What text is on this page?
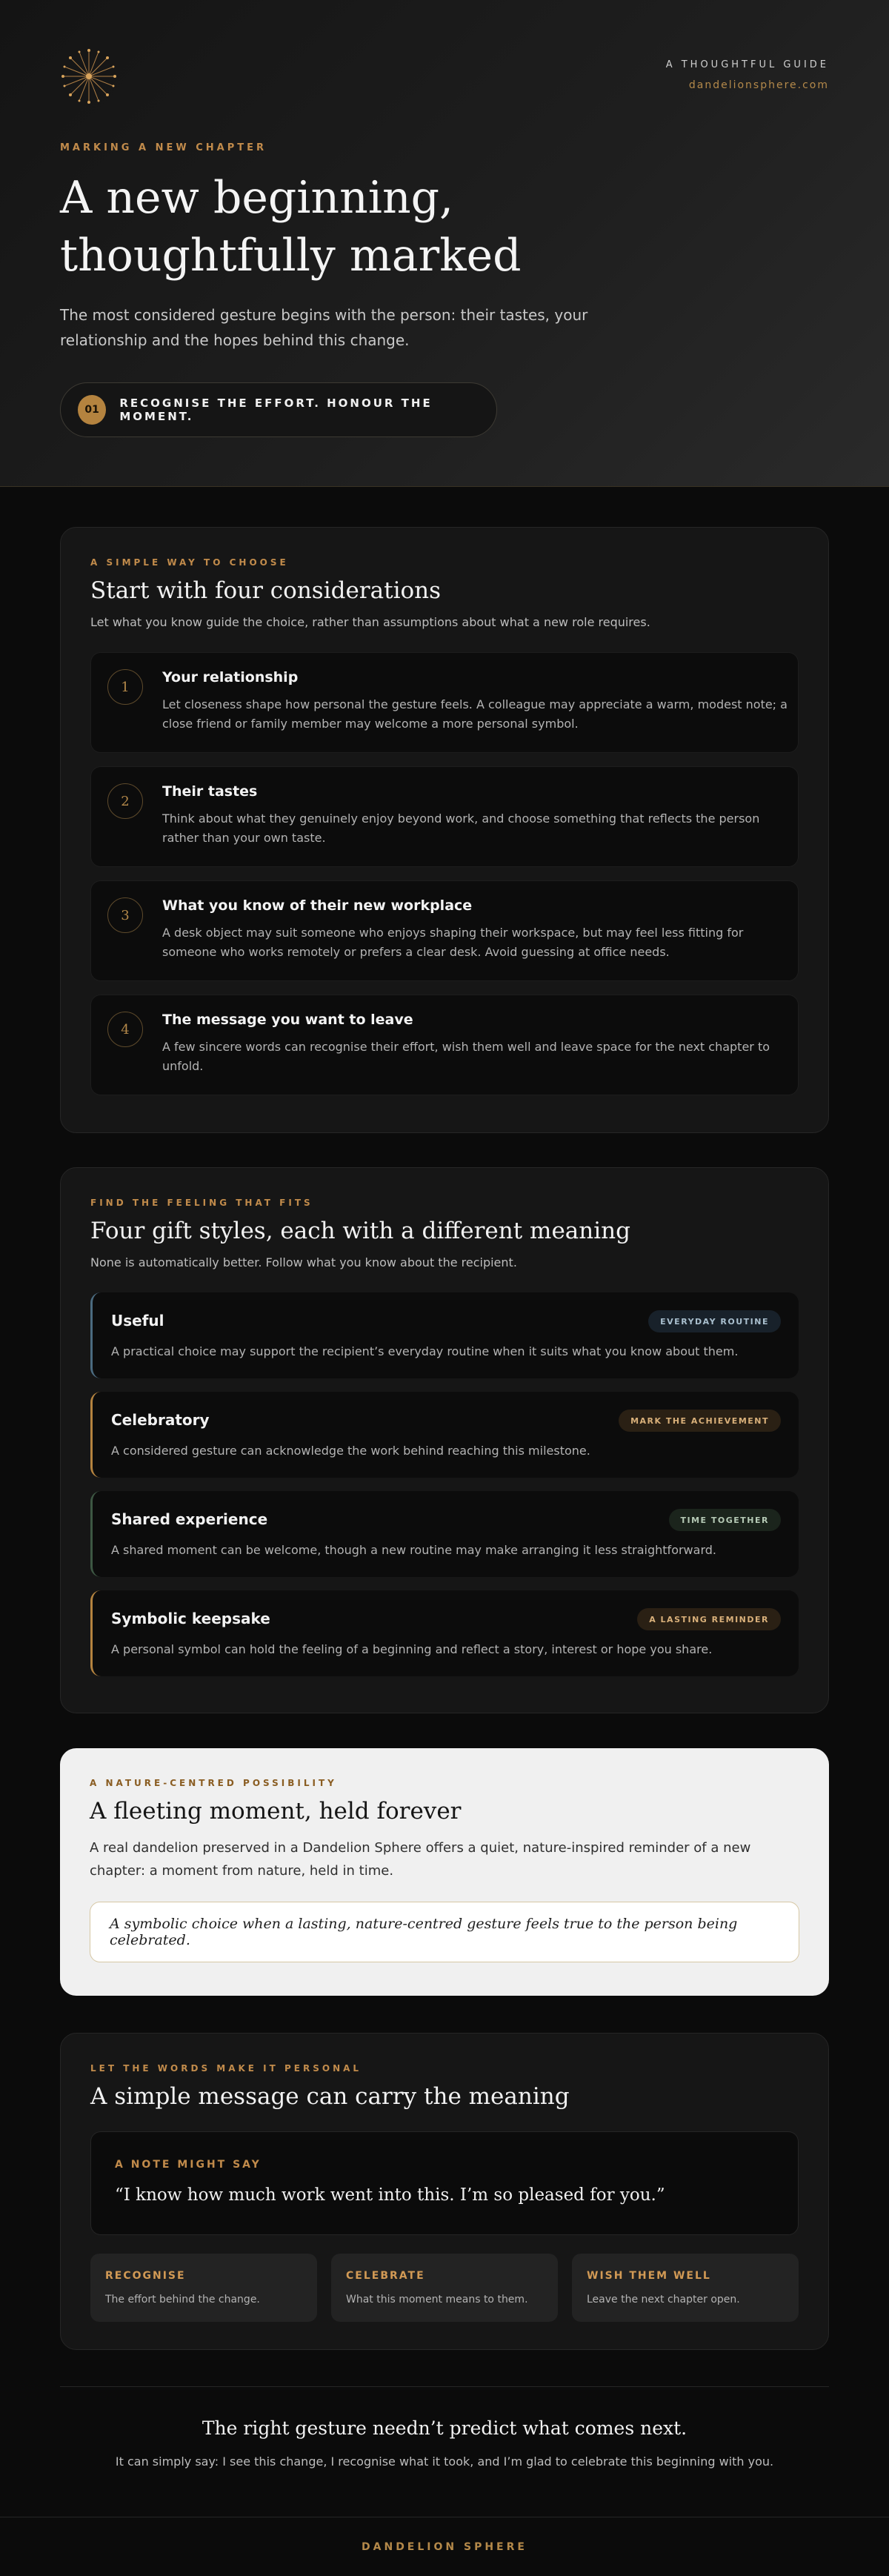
A THOUGHTFUL GUIDE
dandelionsphere.com
MARKING A NEW CHAPTER
A new beginning,
thoughtfully marked

The most considered gesture begins with the person: their tastes, your relationship and the hopes behind this change.

01	RECOGNISE THE EFFORT. HONOUR THE MOMENT.
A SIMPLE WAY TO CHOOSE
Start with four considerations

Let what you know guide the choice, rather than assumptions about what a new role requires.

1
Your relationship
Let closeness shape how personal the gesture feels. A colleague may appreciate a warm, modest note; a close friend or family member may welcome a more personal symbol.
2
Their tastes
Think about what they genuinely enjoy beyond work, and choose something that reflects the person rather than your own taste.
3
What you know of their new workplace
A desk object may suit someone who enjoys shaping their workspace, but may feel less fitting for someone who works remotely or prefers a clear desk. Avoid guessing at office needs.
4
The message you want to leave
A few sincere words can recognise their effort, wish them well and leave space for the next chapter to unfold.
FIND THE FEELING THAT FITS
Four gift styles, each with a different meaning

None is automatically better. Follow what you know about the recipient.

Useful	EVERYDAY ROUTINE
A practical choice may support the recipient’s everyday routine when it suits what you know about them.
Celebratory	MARK THE ACHIEVEMENT
A considered gesture can acknowledge the work behind reaching this milestone.
Shared experience	TIME TOGETHER
A shared moment can be welcome, though a new routine may make arranging it less straightforward.
Symbolic keepsake	A LASTING REMINDER
A personal symbol can hold the feeling of a beginning and reflect a story, interest or hope you share.
A NATURE-CENTRED POSSIBILITY
A fleeting moment, held forever

A real dandelion preserved in a Dandelion Sphere offers a quiet, nature-inspired reminder of a new chapter: a moment from nature, held in time.

A symbolic choice when a lasting, nature-centred gesture feels true to the person being celebrated.
LET THE WORDS MAKE IT PERSONAL
A simple message can carry the meaning
A NOTE MIGHT SAY
“I know how much work went into this. I’m so pleased for you.”
RECOGNISE
The effort behind the change.
CELEBRATE
What this moment means to them.
WISH THEM WELL
Leave the next chapter open.
The right gesture needn’t predict what comes next.
It can simply say: I see this change, I recognise what it took, and I’m glad to celebrate this beginning with you.
DANDELION SPHERE
